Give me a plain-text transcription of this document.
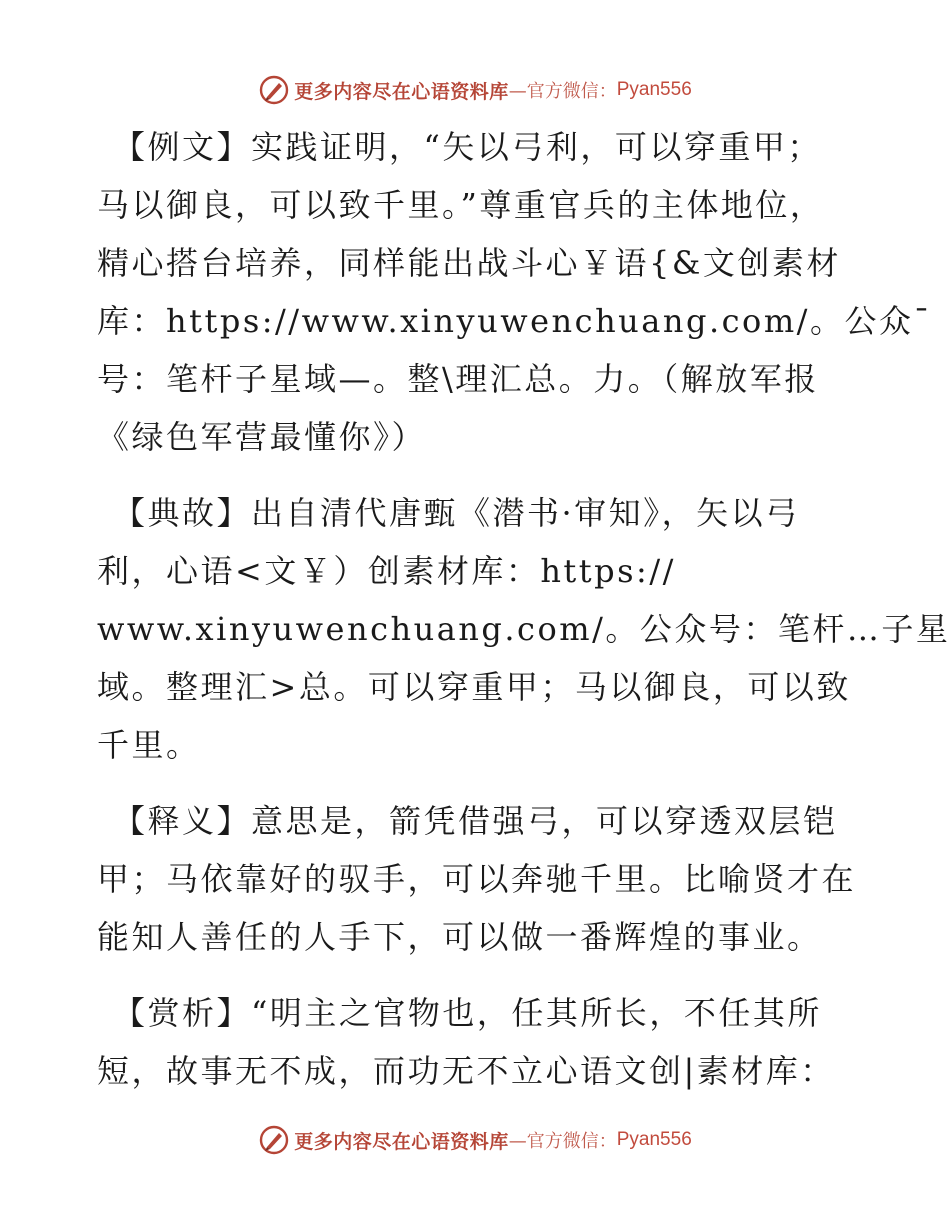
更多内容尽在心语资料库 —官方微信： Pyan556
【例文】实践证明，“矢以弓利，可以穿重甲；
马以御良，可以致千里。”尊重官兵的主体地位，
精心搭台培养，同样能出战斗心￥语{&文创素材
库：https://www.xinyuwenchuang.com/。公众¯
号：笔杆子星域—。整\理汇总。力。（解放军报
《绿色军营最懂你》）
【典故】出自清代唐甄《潜书·审知》，矢以弓
利，心语<文￥）创素材库：https://
www.xinyuwenchuang.com/。公众号：笔杆…子星
域。整理汇>总。可以穿重甲；马以御良，可以致
千里。
【释义】意思是，箭凭借强弓，可以穿透双层铠
甲；马依靠好的驭手，可以奔驰千里。比喻贤才在
能知人善任的人手下，可以做一番辉煌的事业。
【赏析】“明主之官物也，任其所长，不任其所
短，故事无不成，而功无不立心语文创|素材库：
更多内容尽在心语资料库 —官方微信： Pyan556
